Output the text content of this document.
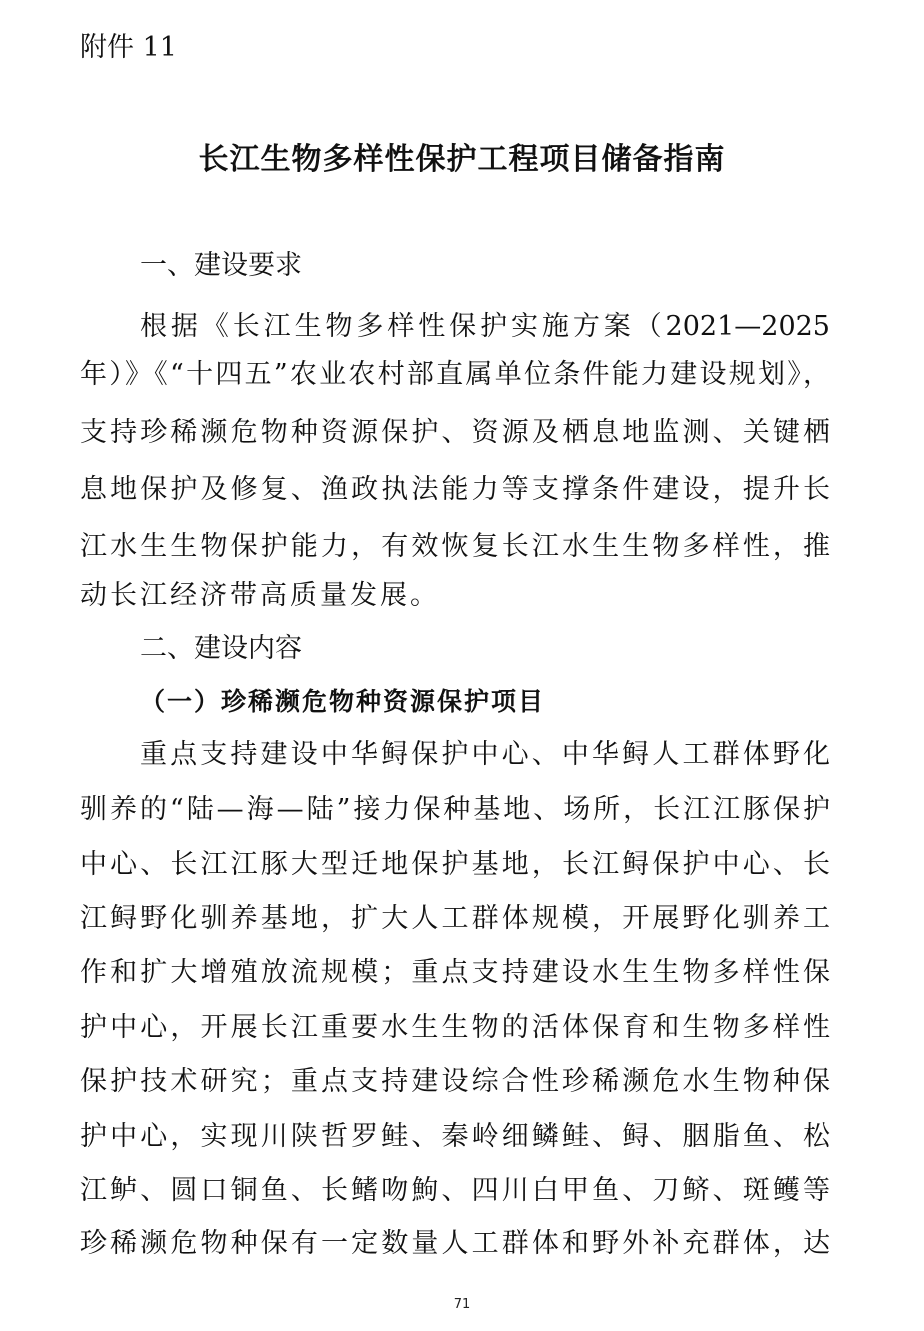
附件 11
长江生物多样性保护工程项目储备指南
一、建设要求
根据《长江生物多样性保护实施方案（2021—2025
年）》《“十四五”农业农村部直属单位条件能力建设规划》，
支持珍稀濒危物种资源保护、资源及栖息地监测、关键栖
息地保护及修复、渔政执法能力等支撑条件建设，提升长
江水生生物保护能力，有效恢复长江水生生物多样性，推
动长江经济带高质量发展。
二、建设内容
（一）珍稀濒危物种资源保护项目
重点支持建设中华鲟保护中心、中华鲟人工群体野化
驯养的“陆—海—陆”接力保种基地、场所，长江江豚保护
中心、长江江豚大型迁地保护基地，长江鲟保护中心、长
江鲟野化驯养基地，扩大人工群体规模，开展野化驯养工
作和扩大增殖放流规模；重点支持建设水生生物多样性保
护中心，开展长江重要水生生物的活体保育和生物多样性
保护技术研究；重点支持建设综合性珍稀濒危水生物种保
护中心，实现川陕哲罗鲑、秦岭细鳞鲑、鲟、胭脂鱼、松
江鲈、圆口铜鱼、长鳍吻鮈、四川白甲鱼、刀鲚、斑鳠等
珍稀濒危物种保有一定数量人工群体和野外补充群体，达
71
